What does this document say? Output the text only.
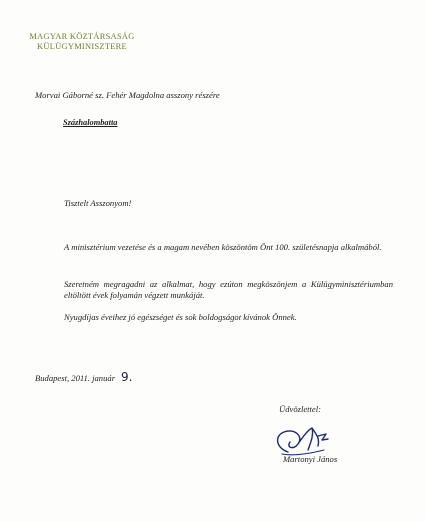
MAGYAR KÖZTÁRSASÁG
KÜLÜGYMINISZTERE
Morvai Gáborné sz. Fehér Magdolna asszony részére
Százhalombatta
Tisztelt Asszonyom!
A minisztérium vezetése és a magam nevében köszöntöm Önt 100. születésnapja alkalmából.
Szeretném megragadni az alkalmat, hogy ezúton megköszönjem a Külügyminisztériumban eltöltött évek folyamán végzett munkáját.
Nyugdíjas éveihez jó egészséget és sok boldogságot kívánok Önnek.
Budapest, 2011. január 9.
Üdvözlettel:
Martonyi János
